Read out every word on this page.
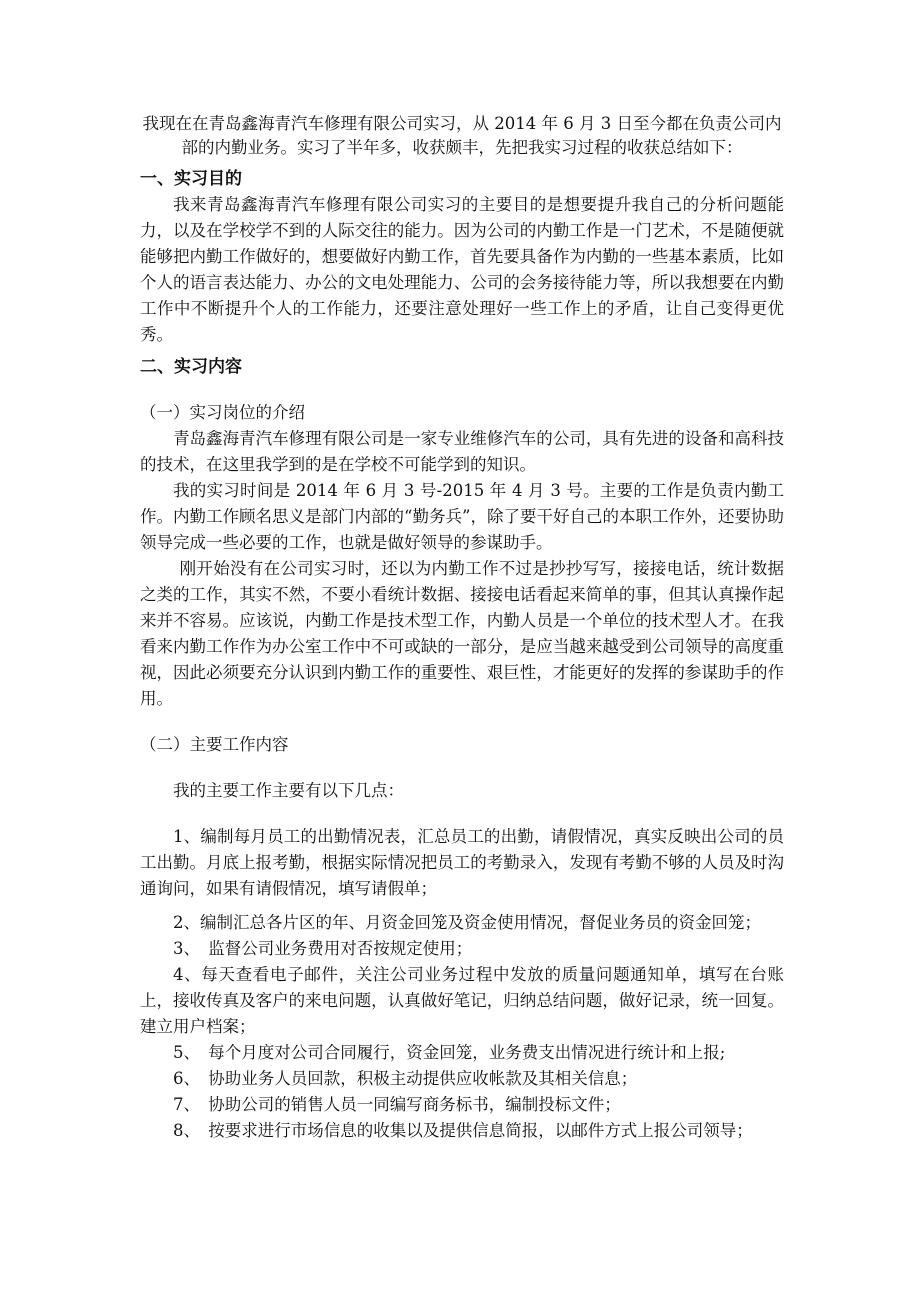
我现在在青岛鑫海青汽车修理有限公司实习，从 2014 年 6 月 3 日至今都在负责公司内部的内勤业务。实习了半年多，收获颇丰，先把我实习过程的收获总结如下：

一、实习目的

我来青岛鑫海青汽车修理有限公司实习的主要目的是想要提升我自己的分析问题能力，以及在学校学不到的人际交往的能力。因为公司的内勤工作是一门艺术，不是随便就能够把内勤工作做好的，想要做好内勤工作，首先要具备作为内勤的一些基本素质，比如个人的语言表达能力、办公的文电处理能力、公司的会务接待能力等，所以我想要在内勤工作中不断提升个人的工作能力，还要注意处理好一些工作上的矛盾，让自己变得更优秀。

二、实习内容

（一）实习岗位的介绍

青岛鑫海青汽车修理有限公司是一家专业维修汽车的公司，具有先进的设备和高科技的技术，在这里我学到的是在学校不可能学到的知识。

我的实习时间是 2014 年 6 月 3 号-2015 年 4 月 3 号。主要的工作是负责内勤工作。内勤工作顾名思义是部门内部的“勤务兵”，除了要干好自己的本职工作外，还要协助领导完成一些必要的工作，也就是做好领导的参谋助手。

刚开始没有在公司实习时，还以为内勤工作不过是抄抄写写，接接电话，统计数据之类的工作，其实不然，不要小看统计数据、接接电话看起来简单的事，但其认真操作起来并不容易。应该说，内勤工作是技术型工作，内勤人员是一个单位的技术型人才。在我看来内勤工作作为办公室工作中不可或缺的一部分，是应当越来越受到公司领导的高度重视，因此必须要充分认识到内勤工作的重要性、艰巨性，才能更好的发挥的参谋助手的作用。

（二）主要工作内容

我的主要工作主要有以下几点：

1、编制每月员工的出勤情况表，汇总员工的出勤，请假情况，真实反映出公司的员工出勤。月底上报考勤，根据实际情况把员工的考勤录入，发现有考勤不够的人员及时沟通询问，如果有请假情况，填写请假单；

2、编制汇总各片区的年、月资金回笼及资金使用情况，督促业务员的资金回笼；

3、　监督公司业务费用对否按规定使用；

4、每天查看电子邮件，关注公司业务过程中发放的质量问题通知单，填写在台账上，接收传真及客户的来电问题，认真做好笔记，归纳总结问题，做好记录，统一回复。建立用户档案；

5、　每个月度对公司合同履行，资金回笼，业务费支出情况进行统计和上报;

6、　协助业务人员回款，积极主动提供应收帐款及其相关信息；

7、　协助公司的销售人员一同编写商务标书，编制投标文件；

8、　按要求进行市场信息的收集以及提供信息简报，以邮件方式上报公司领导；
